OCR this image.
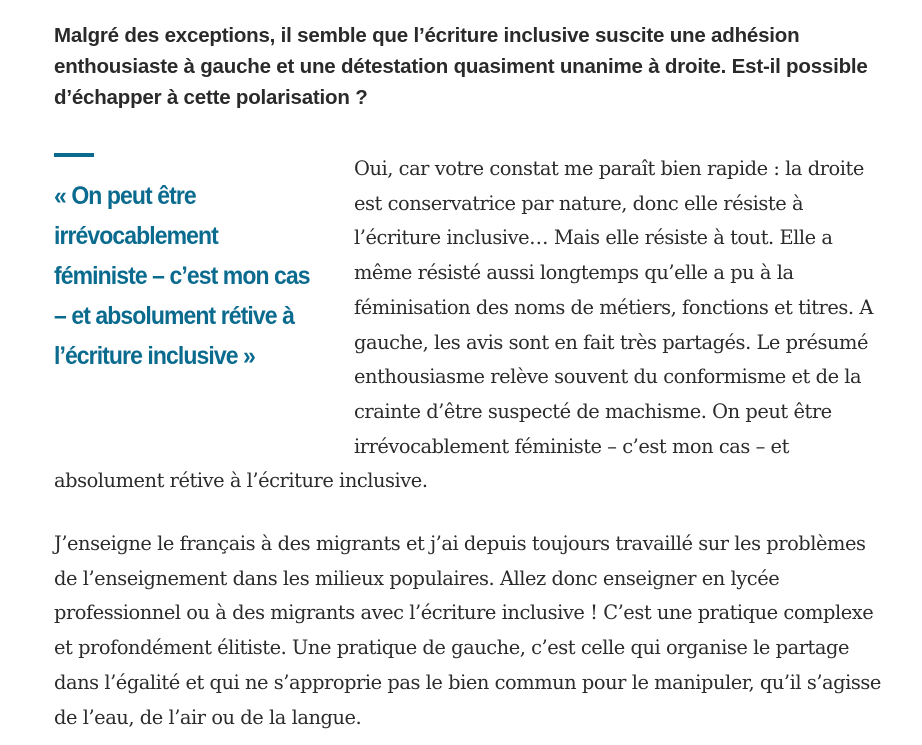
Malgré des exceptions, il semble que l’écriture inclusive suscite une adhésion enthousiaste à gauche et une détestation quasiment unanime à droite. Est-il possible d’échapper à cette polarisation ?

Oui, car votre constat me paraît bien rapide : la droite est conservatrice par nature, donc elle résiste à l’écriture inclusive… Mais elle résiste à tout. Elle a même résisté aussi longtemps qu’elle a pu à la féminisation des noms de métiers, fonctions et titres. A gauche, les avis sont en fait très partagés. Le présumé enthousiasme relève souvent du conformisme et de la crainte d’être suspecté de machisme. On peut être irrévocablement féministe – c’est mon cas – et absolument rétive à l’écriture inclusive.

« On peut être irrévocablement féministe – c’est mon cas – et absolument rétive à l’écriture inclusive »

J’enseigne le français à des migrants et j’ai depuis toujours travaillé sur les problèmes de l’enseignement dans les milieux populaires. Allez donc enseigner en lycée professionnel ou à des migrants avec l’écriture inclusive ! C’est une pratique complexe et profondément élitiste. Une pratique de gauche, c’est celle qui organise le partage dans l’égalité et qui ne s’approprie pas le bien commun pour le manipuler, qu’il s’agisse de l’eau, de l’air ou de la langue.
